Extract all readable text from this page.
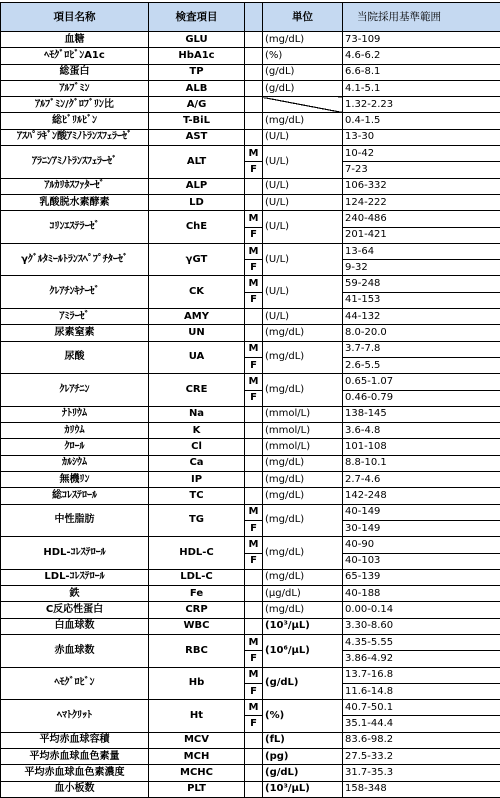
項目名称	検査項目		単位	当院採用基準範囲
血糖	GLU		(mg/dL)	73-109
ﾍﾓｸﾞﾛﾋﾞﾝA1c	HbA1c		(%)	4.6-6.2
総蛋白	TP		(g/dL)	6.6-8.1
ｱﾙﾌﾞﾐﾝ	ALB		(g/dL)	4.1-5.1
ｱﾙﾌﾞﾐﾝ/ｸﾞﾛﾌﾞﾘﾝ比	A/G			1.32-2.23
総ﾋﾞﾘﾙﾋﾞﾝ	T-BiL		(mg/dL)	0.4-1.5
ｱｽﾊﾟﾗｷﾞﾝ酸ｱﾐﾉﾄﾗﾝｽﾌｪﾗｰｾﾞ	AST		(U/L)	13-30
ｱﾗﾆﾝｱﾐﾉﾄﾗﾝｽﾌｪﾗｰｾﾞ	ALT	M	(U/L)	10-42
		F		7-23
ｱﾙｶﾘﾎｽﾌｧﾀｰｾﾞ	ALP		(U/L)	106-332
乳酸脱水素酵素	LD		(U/L)	124-222
ｺﾘﾝｴｽﾃﾗｰｾﾞ	ChE	M	(U/L)	240-486
		F		201-421
γｸﾞﾙﾀﾐｰﾙﾄﾗﾝｽﾍﾟﾌﾟﾁﾀｰｾﾞ	γGT	M	(U/L)	13-64
		F		9-32
ｸﾚｱﾁﾝｷﾅｰｾﾞ	CK	M	(U/L)	59-248
		F		41-153
ｱﾐﾗｰｾﾞ	AMY		(U/L)	44-132
尿素窒素	UN		(mg/dL)	8.0-20.0
尿酸	UA	M	(mg/dL)	3.7-7.8
		F		2.6-5.5
ｸﾚｱﾁﾆﾝ	CRE	M	(mg/dL)	0.65-1.07
		F		0.46-0.79
ﾅﾄﾘｳﾑ	Na		(mmol/L)	138-145
ｶﾘｳﾑ	K		(mmol/L)	3.6-4.8
ｸﾛｰﾙ	Cl		(mmol/L)	101-108
ｶﾙｼｳﾑ	Ca		(mg/dL)	8.8-10.1
無機ﾘﾝ	IP		(mg/dL)	2.7-4.6
総ｺﾚｽﾃﾛｰﾙ	TC		(mg/dL)	142-248
中性脂肪	TG	M	(mg/dL)	40-149
		F		30-149
HDL-ｺﾚｽﾃﾛｰﾙ	HDL-C	M	(mg/dL)	40-90
		F		40-103
LDL-ｺﾚｽﾃﾛｰﾙ	LDL-C		(mg/dL)	65-139
鉄	Fe		(μg/dL)	40-188
C反応性蛋白	CRP		(mg/dL)	0.00-0.14
白血球数	WBC		(10³/μL)	3.30-8.60
赤血球数	RBC	M	(10⁶/μL)	4.35-5.55
		F		3.86-4.92
ﾍﾓｸﾞﾛﾋﾞﾝ	Hb	M	(g/dL)	13.7-16.8
		F		11.6-14.8
ﾍﾏﾄｸﾘｯﾄ	Ht	M	(%)	40.7-50.1
		F		35.1-44.4
平均赤血球容積	MCV		(fL)	83.6-98.2
平均赤血球血色素量	MCH		(pg)	27.5-33.2
平均赤血球血色素濃度	MCHC		(g/dL)	31.7-35.3
血小板数	PLT		(10³/μL)	158-348
